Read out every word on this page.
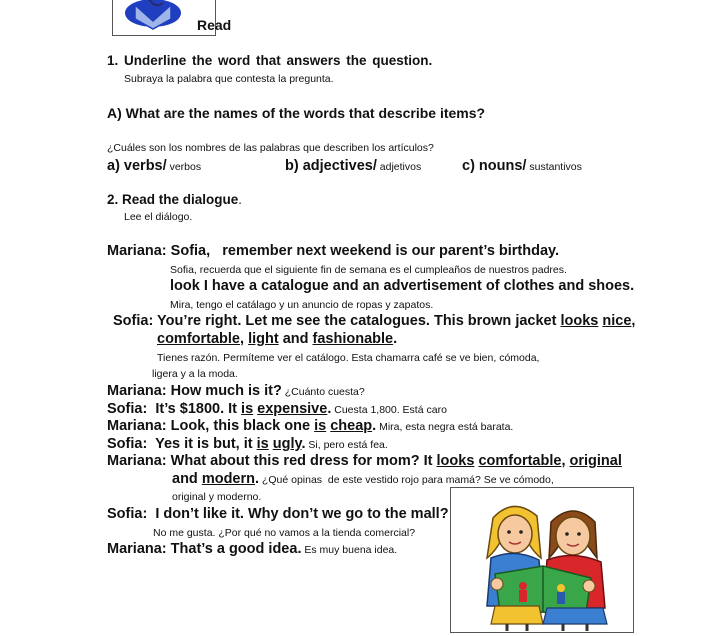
Read
1. Underline the word that answers the question.
Subraya la palabra que contesta la pregunta.
A) What are the names of the words that describe items?
¿Cuáles son los nombres de las palabras que describen los artículos?
a) verbs/ verbos	b) adjectives/ adjetivos	c) nouns/ sustantivos
2. Read the dialogue.
Lee el diálogo.
Mariana: Sofia,   remember next weekend is our parent’s birthday.
Sofia, recuerda que el siguiente fin de semana es el cumpleaños de nuestros padres.
look I have a catalogue and an advertisement of clothes and shoes.
Mira, tengo el catálago y un anuncio de ropas y zapatos.
Sofia: You’re right. Let me see the catalogues. This brown jacket looks nice,
comfortable, light and fashionable.
Tienes razón. Permíteme ver el catálogo. Esta chamarra café se ve bien, cómoda,
ligera y a la moda.
Mariana: How much is it? ¿Cuánto cuesta?
Sofia:  It’s $1800. It is expensive. Cuesta 1,800. Está caro
Mariana: Look, this black one is cheap. Mira, esta negra está barata.
Sofia:  Yes it is but, it is ugly. Si, pero está fea.
Mariana: What about this red dress for mom? It looks comfortable, original
and modern. ¿Qué opinas  de este vestido rojo para mamá? Se ve cómodo,
original y moderno.
Sofia:  I don’t like it. Why don’t we go to the mall?
No me gusta. ¿Por qué no vamos a la tienda comercial?
Mariana: That’s a good idea. Es muy buena idea.
